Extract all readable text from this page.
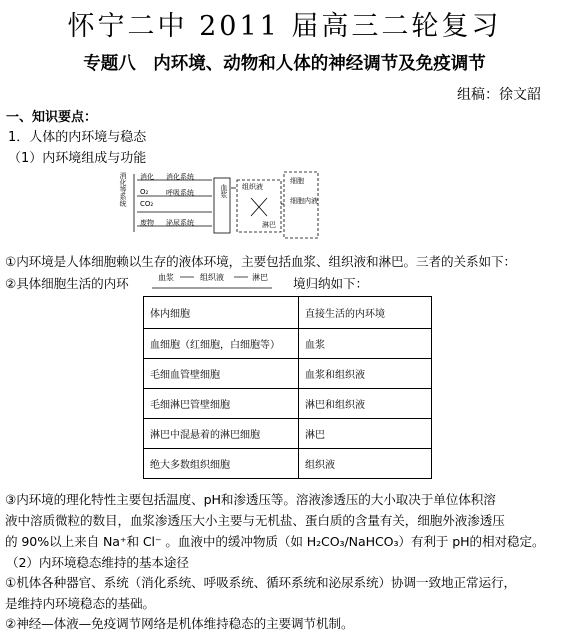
怀宁二中 2011 届高三二轮复习
专题八　内环境、动物和人体的神经调节及免疫调节
组稿：徐文韶
一、知识要点：
1．人体的内环境与稳态
（1）内环境组成与功能
消化等系统 消化
O₂
CO₂
废物
消化系统
呼吸系统
泌尿系统
血浆 组织液
淋巴
细胞
细胞内液
①内环境是人体细胞赖以生存的液体环境，主要包括血浆、组织液和淋巴。三者的关系如下：
②具体细胞生活的内环	血浆	组织液	淋巴 境归纳如下：
体内细胞	直接生活的内环境
血细胞（红细胞，白细胞等）	血浆
毛细血管壁细胞	血浆和组织液
毛细淋巴管壁细胞	淋巴和组织液
淋巴中混悬着的淋巴细胞	淋巴
绝大多数组织细胞	组织液
③内环境的理化特性主要包括温度、pH和渗透压等。溶液渗透压的大小取决于单位体积溶
液中溶质微粒的数目，血浆渗透压大小主要与无机盐、蛋白质的含量有关，细胞外液渗透压
的 90%以上来自 Na⁺和 Cl⁻ 。血液中的缓冲物质（如 H₂CO₃/NaHCO₃）有利于 pH的相对稳定。
（2）内环境稳态维持的基本途径
①机体各种器官、系统（消化系统、呼吸系统、循环系统和泌尿系统）协调一致地正常运行，
是维持内环境稳态的基础。
②神经—体液—免疫调节网络是机体维持稳态的主要调节机制。
